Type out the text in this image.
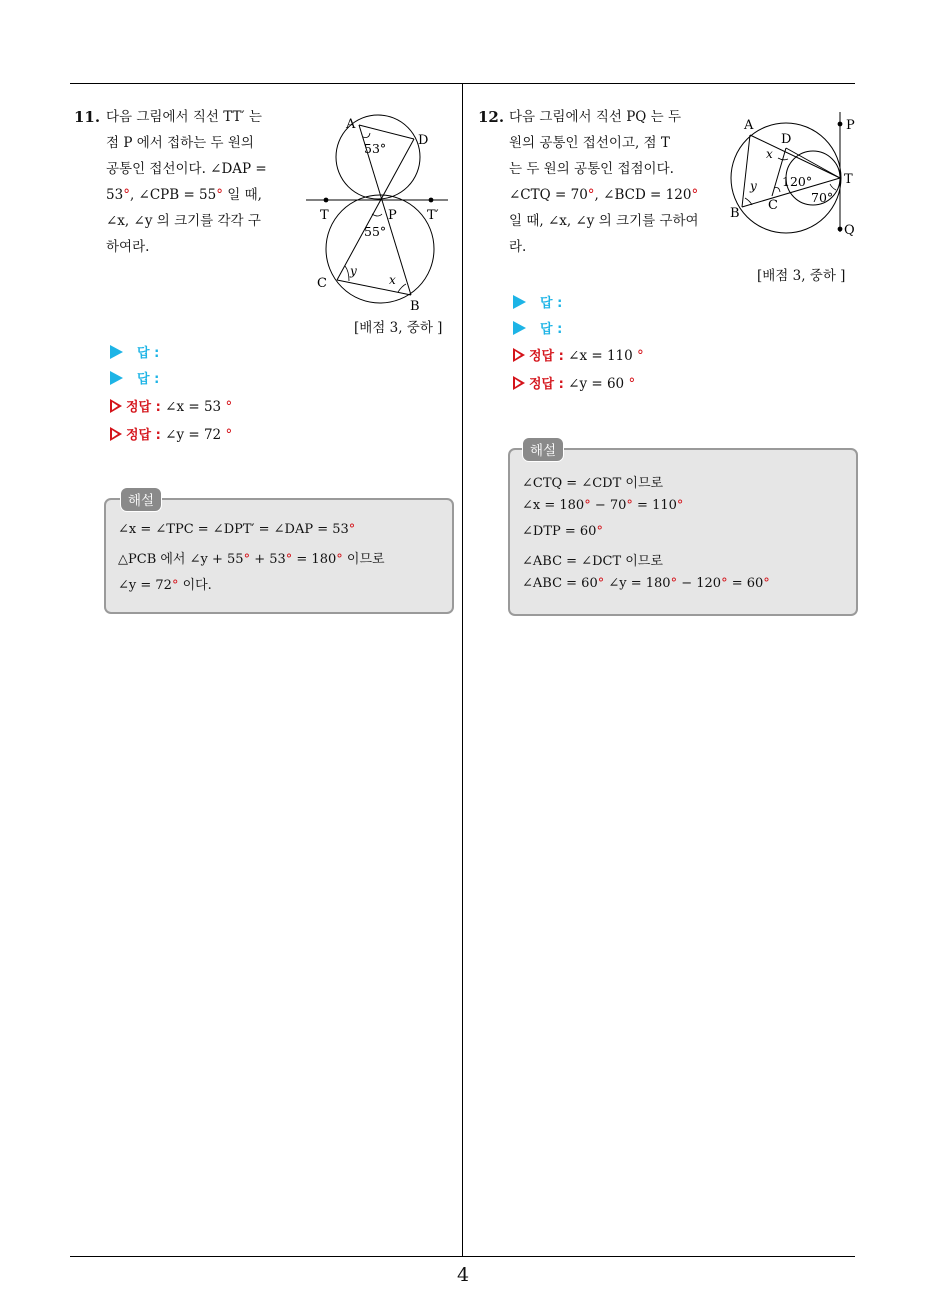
11. 다음 그림에서 직선 TT′ 는
점 P 에서 접하는 두 원의
공통인 접선이다. ∠DAP =
53°, ∠CPB = 55° 일 때,
∠x, ∠y 의 크기를 각각 구
하여라.
A
D
T	P T′
C
B
53°
55°
y
x
[배점 3, 중하 ]
답 :
답 :
정답 : ∠x = 53 °
정답 : ∠y = 72 °
∠x = ∠TPC = ∠DPT′ = ∠DAP = 53°
△PCB 에서 ∠y + 55° + 53° = 180° 이므로
∠y = 72° 이다.
해설
12. 다음 그림에서 직선 PQ 는 두
원의 공통인 접선이고, 점 T
는 두 원의 공통인 접점이다.
∠CTQ = 70°, ∠BCD = 120°
일 때, ∠x, ∠y 의 크기를 구하여
라.
A
D
P
T
B
C
Q
120°
70°
x
y
[배점 3, 중하 ]
답 :
답 :
정답 : ∠x = 110 °
정답 : ∠y = 60 °
∠CTQ = ∠CDT 이므로
∠x = 180° − 70° = 110°
∠DTP = 60°
∠ABC = ∠DCT 이므로
∠ABC = 60° ∠y = 180° − 120° = 60°
해설
4
